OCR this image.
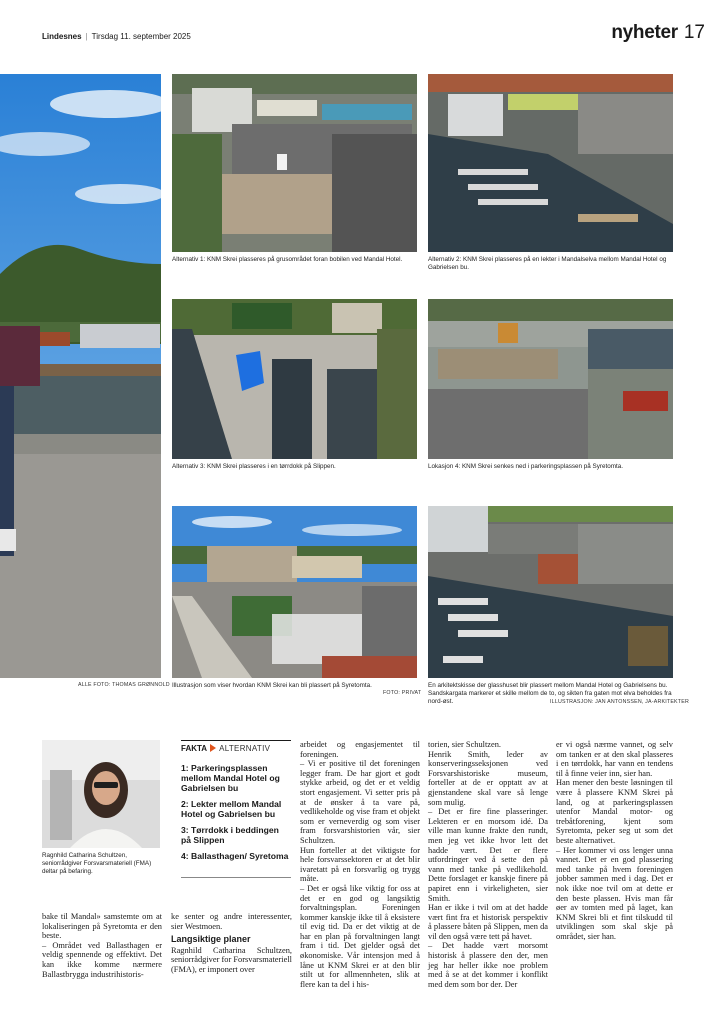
Lindesnes | Tirsdag 11. september 2025	nyheter 17
ALLE FOTO: THOMAS GRØNNOLD
Alternativ 1: KNM Skrei plasseres på grusområdet foran bobilen ved Mandal Hotel.	Alternativ 2: KNM Skrei plasseres på en lekter i Mandalselva mellom Mandal Hotel og Gabrielsen bu.
Alternativ 3: KNM Skrei plasseres i en tørrdokk på Slippen.	Lokasjon 4: KNM Skrei senkes ned i parkeringsplassen på Syretomta.
Illustrasjon som viser hvordan KNM Skrei kan bli plassert på Syretomta.
FOTO: PRIVAT
En arkitektskisse der glasshuset blir plassert mellom Mandal Hotel og Gabrielsens bu. Sandskargata markerer et skille mellom de to, og sikten fra gaten mot elva beholdes fra nord-øst.	ILLUSTRASJON: JAN ANTONSSEN, JA-ARKITEKTER
Ragnhild Catharina Schultzen, seniorrådgiver Forsvarsmateriell (FMA) deltar på befaring.
FAKTA ALTERNATIV
1: Parkeringsplassen mellom Mandal Hotel og Gabrielsen bu
2: Lekter mellom Mandal Hotel og Gabrielsen bu
3: Tørrdokk i beddingen på Slippen
4: Ballasthagen/ Syretoma

bake til Mandal» samstemte om at lokaliseringen på Syretomta er den beste.

– Området ved Ballasthagen er veldig spennende og effektivt. Det kan ikke komme nærmere Ballastbrygga industrihistoris-

ke senter og andre interessenter, sier Westmoen.

Langsiktige planer

Ragnhild Catharina Schultzen, seniorrådgiver for Forsvarsmateriell (FMA), er imponert over

arbeidet og engasjementet til foreningen.

– Vi er positive til det foreningen legger fram. De har gjort et godt stykke arbeid, og det er et veldig stort engasjement. Vi setter pris på at de ønsker å ta vare på, vedlikeholde og vise fram et objekt som er verneverdig og som viser fram forsvarshistorien vår, sier Schultzen.

Hun forteller at det viktigste for hele forsvarssektoren er at det blir ivaretatt på en forsvarlig og trygg måte.

– Det er også like viktig for oss at det er en god og langsiktig forvaltningsplan. Foreningen kommer kanskje ikke til å eksistere til evig tid. Da er det viktig at de har en plan på forvaltningen langt fram i tid. Det gjelder også det økonomiske. Vår intensjon med å låne ut KNM Skrei er at den blir stilt ut for allmennheten, slik at flere kan ta del i his-

torien, sier Schultzen.

Henrik Smith, leder av konserveringsseksjonen ved Forsvarshistoriske museum, forteller at de er opptatt av at gjenstandene skal vare så lenge som mulig.

– Det er fire fine plasseringer. Lekteren er en morsom idé. Da ville man kunne frakte den rundt, men jeg vet ikke hvor lett det hadde vært. Det er flere utfordringer ved å sette den på vann med tanke på vedlikehold. Dette forslaget er kanskje finere på papiret enn i virkeligheten, sier Smith.

Han er ikke i tvil om at det hadde vært fint fra et historisk perspektiv å plassere båten på Slippen, men da vil den også være tett på havet.

– Det hadde vært morsomt historisk å plassere den der, men jeg har heller ikke noe problem med å se at det kommer i konflikt med dem som bor der. Der

er vi også nærme vannet, og selv om tanken er at den skal plasseres i en tørrdokk, har vann en tendens til å finne veier inn, sier han.

Han mener den beste løsningen til være å plassere KNM Skrei på land, og at parkeringsplassen utenfor Mandal motor- og trebåtforening, kjent som Syretomta, peker seg ut som det beste alternativet.

– Her kommer vi oss lenger unna vannet. Det er en god plassering med tanke på hvem foreningen jobber sammen med i dag. Det er nok ikke noe tvil om at dette er den beste plassen. Hvis man får øer av tomten med på laget, kan KNM Skrei bli et fint tilskudd til utviklingen som skal skje på området, sier han.
